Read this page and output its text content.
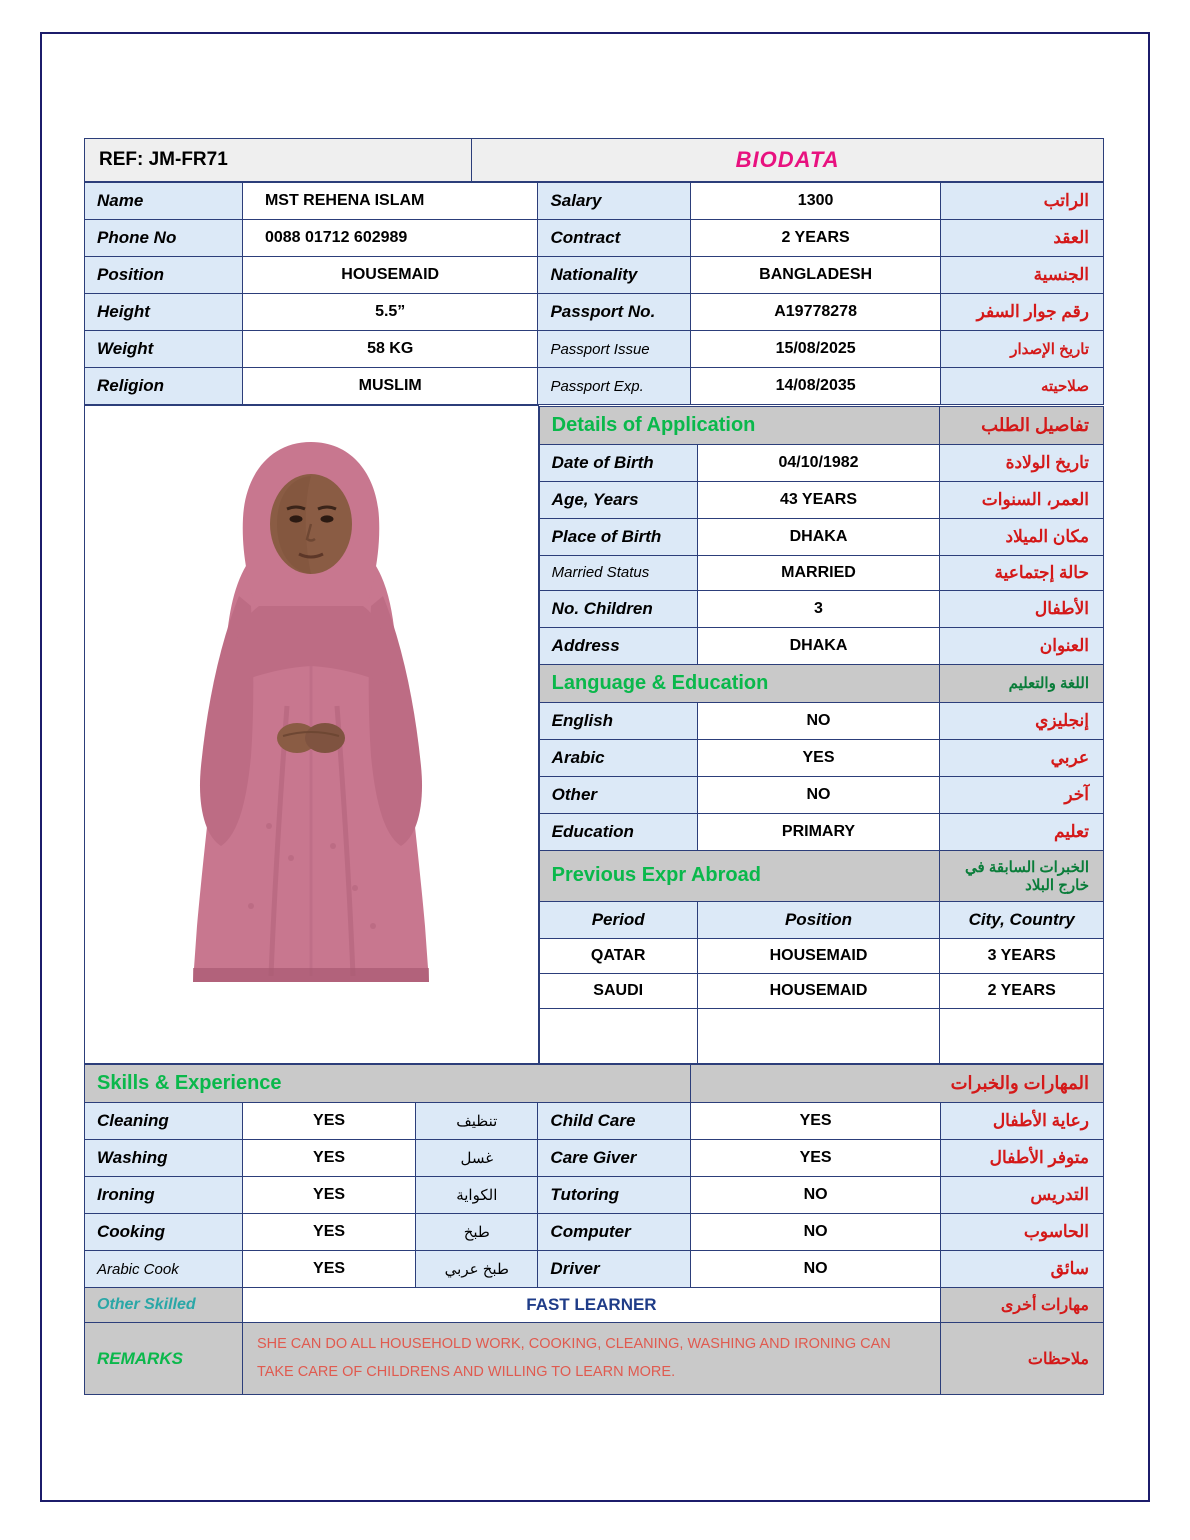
REF: JM-FR71	BIODATA
Name	MST REHENA ISLAM	Salary	1300	الراتب
Phone No	0088 01712 602989	Contract	2 YEARS	العقد
Position	HOUSEMAID	Nationality	BANGLADESH	الجنسية
Height	5.5”	Passport No.	A19778278	رقم جوار السفر
Weight	58 KG	Passport Issue	15/08/2025	تاريخ الإصدار
Religion	MUSLIM	Passport Exp.	14/08/2035	صلاحيته

Details of Application	تفاصيل الطلب
Date of Birth	04/10/1982	تاريخ الولادة
Age, Years	43 YEARS	العمر، السنوات
Place of Birth	DHAKA	مكان الميلاد
Married Status	MARRIED	حالة إجتماعية
No. Children	3	الأطفال
Address	DHAKA	العنوان
Language & Education	اللغة والتعليم
English	NO	إنجليزي
Arabic	YES	عربي
Other	NO	آخر
Education	PRIMARY	تعليم
Previous Expr Abroad	الخبرات السابقة في خارج البلاد
Period	Position	City, Country
QATAR	HOUSEMAID	3 YEARS
SAUDI	HOUSEMAID	2 YEARS

Skills & Experience				المهارات والخبرات	
Cleaning	YES	تنظيف	Child Care	YES	رعاية الأطفال
Washing	YES	غسل	Care Giver	YES	متوفر الأطفال
Ironing	YES	الكواية	Tutoring	NO	التدريس
Cooking	YES	طبخ	Computer	NO	الحاسوب
Arabic Cook	YES	طبخ عربي	Driver	NO	سائق
Other Skilled	FAST LEARNER				مهارات أخرى
REMARKS	SHE CAN DO ALL HOUSEHOLD WORK, COOKING, CLEANING, WASHING AND IRONING CAN TAKE CARE OF CHILDRENS AND WILLING TO LEARN MORE.				ملاحظات
